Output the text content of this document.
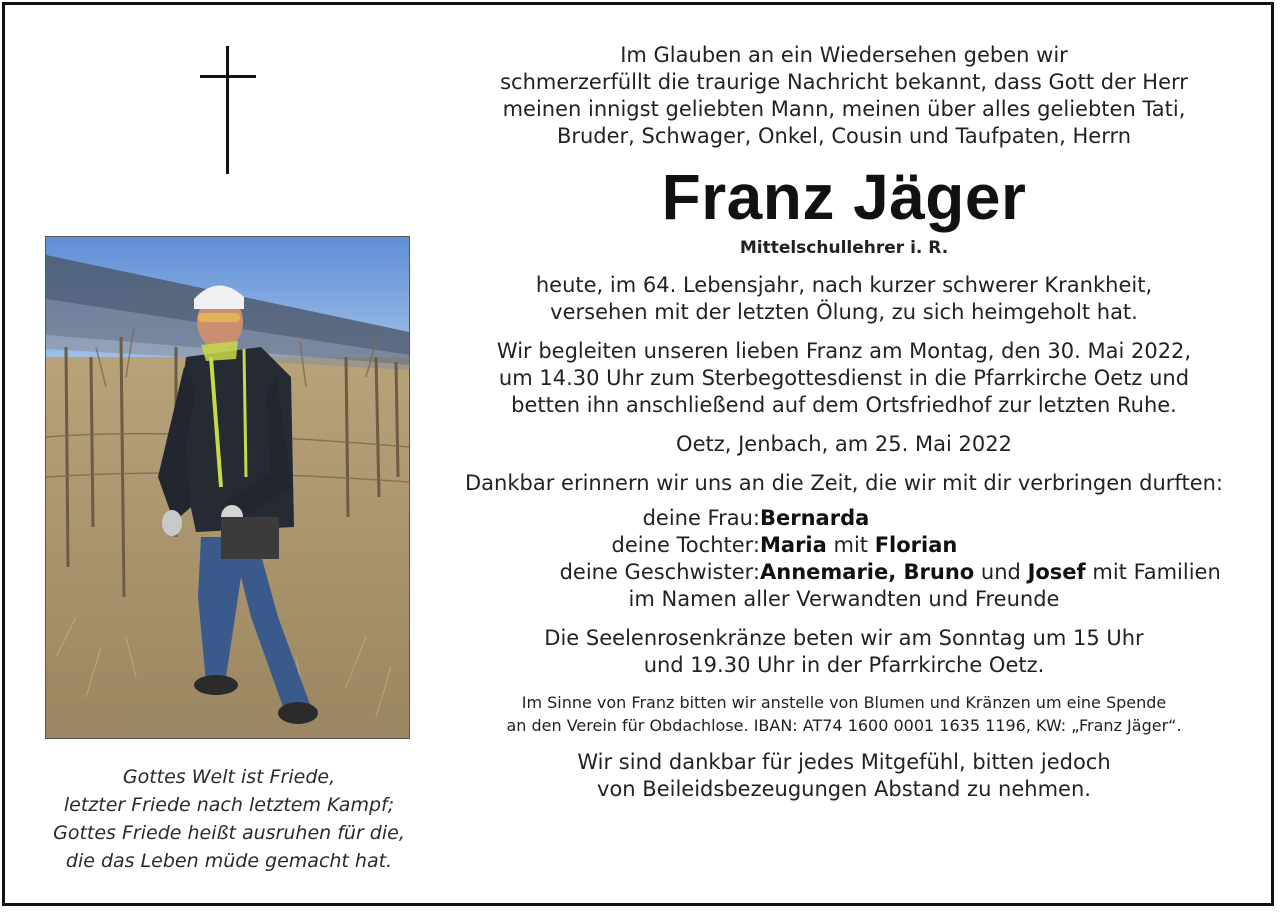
Gottes Welt ist Friede,
letzter Friede nach letztem Kampf;
Gottes Friede heißt ausruhen für die,
die das Leben müde gemacht hat.
Im Glauben an ein Wiedersehen geben wir
schmerzerfüllt die traurige Nachricht bekannt, dass Gott der Herr
meinen innigst geliebten Mann, meinen über alles geliebten Tati,
Bruder, Schwager, Onkel, Cousin und Taufpaten, Herrn
Franz Jäger
Mittelschullehrer i. R.
heute, im 64. Lebensjahr, nach kurzer schwerer Krankheit,
versehen mit der letzten Ölung, zu sich heimgeholt hat.
Wir begleiten unseren lieben Franz am Montag, den 30. Mai 2022,
um 14.30 Uhr zum Sterbegottesdienst in die Pfarrkirche Oetz und
betten ihn anschließend auf dem Ortsfriedhof zur letzten Ruhe.
Oetz, Jenbach, am 25. Mai 2022
Dankbar erinnern wir uns an die Zeit, die wir mit dir verbringen durften:
deine Frau:Bernarda
deine Tochter:Maria mit Florian
deine Geschwister:Annemarie, Bruno und Josef mit Familien
im Namen aller Verwandten und Freunde
Die Seelenrosenkränze beten wir am Sonntag um 15 Uhr
und 19.30 Uhr in der Pfarrkirche Oetz.
Im Sinne von Franz bitten wir anstelle von Blumen und Kränzen um eine Spende
an den Verein für Obdachlose. IBAN: AT74 1600 0001 1635 1196, KW: „Franz Jäger“.
Wir sind dankbar für jedes Mitgefühl, bitten jedoch
von Beileidsbezeugungen Abstand zu nehmen.
